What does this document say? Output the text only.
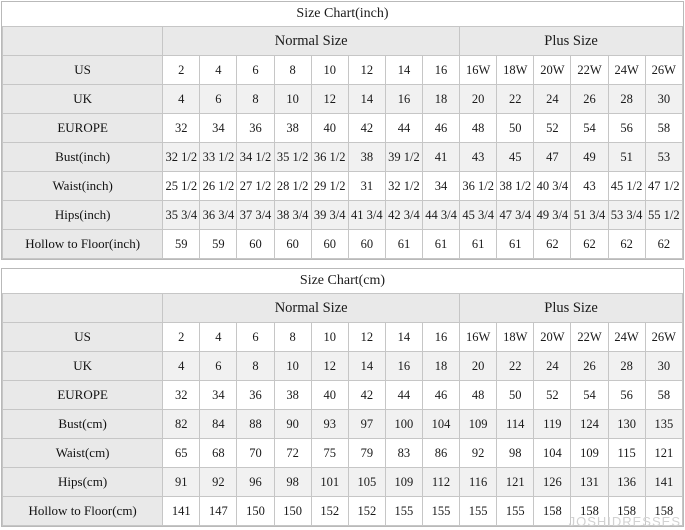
Size Chart(inch)														
	Normal Size								Plus Size					
US	2	4	6	8	10	12	14	16	16W	18W	20W	22W	24W	26W
UK	4	6	8	10	12	14	16	18	20	22	24	26	28	30
EUROPE	32	34	36	38	40	42	44	46	48	50	52	54	56	58
Bust(inch)	32 1/2	33 1/2	34 1/2	35 1/2	36 1/2	38	39 1/2	41	43	45	47	49	51	53
Waist(inch)	25 1/2	26 1/2	27 1/2	28 1/2	29 1/2	31	32 1/2	34	36 1/2	38 1/2	40 3/4	43	45 1/2	47 1/2
Hips(inch)	35 3/4	36 3/4	37 3/4	38 3/4	39 3/4	41 3/4	42 3/4	44 3/4	45 3/4	47 3/4	49 3/4	51 3/4	53 3/4	55 1/2
Hollow to Floor(inch)	59	59	60	60	60	60	61	61	61	61	62	62	62	62
Size Chart(cm)														
	Normal Size								Plus Size					
US	2	4	6	8	10	12	14	16	16W	18W	20W	22W	24W	26W
UK	4	6	8	10	12	14	16	18	20	22	24	26	28	30
EUROPE	32	34	36	38	40	42	44	46	48	50	52	54	56	58
Bust(cm)	82	84	88	90	93	97	100	104	109	114	119	124	130	135
Waist(cm)	65	68	70	72	75	79	83	86	92	98	104	109	115	121
Hips(cm)	91	92	96	98	101	105	109	112	116	121	126	131	136	141
Hollow to Floor(cm)	141	147	150	150	152	152	155	155	155	155	158	158	158	158
JOSHIDRESSES
